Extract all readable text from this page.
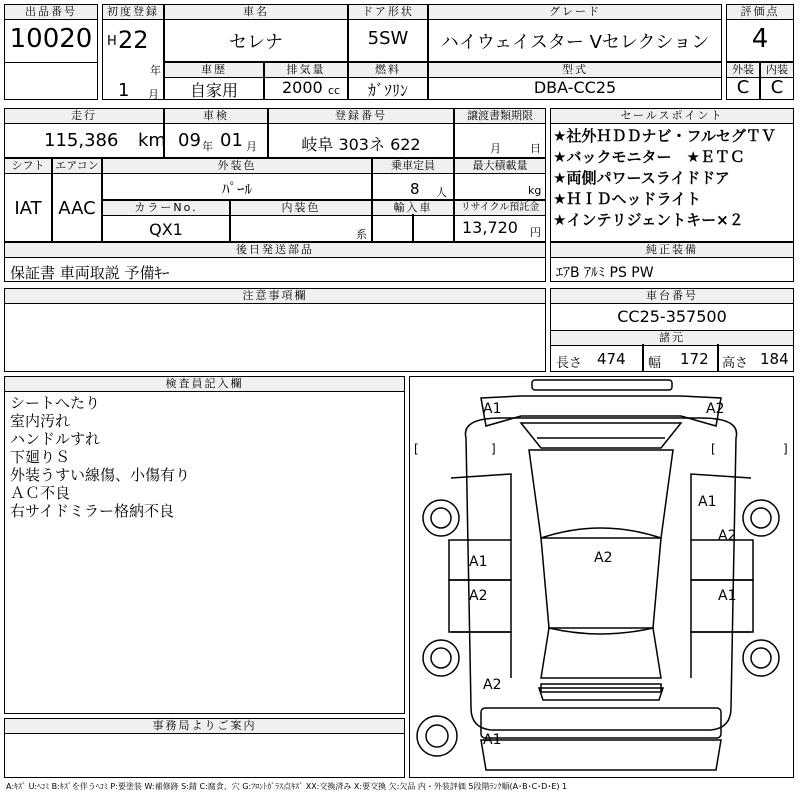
出品番号
10020
初度登録
H 22
年
1 月
車名
セレナ
ドア形状
5SW
グレード
ハイウェイスター Vセレクション
評価点
4
車歴
自家用
排気量
2000 cc
燃料
ｶﾞｿﾘﾝ
型式
DBA-CC25
外装
C
内装
C
走行
115,386 km
車検
09 年 01 月
登録番号
岐阜 303ネ 622
譲渡書類期限
月	日
セールスポイント
★社外ＨＤＤナビ・フルセグＴＶ
★バックモニター　★ＥＴＣ
★両側パワースライドドア
★ＨＩＤヘッドライト
★インテリジェントキー×２
シフト
IAT
エアコン
AAC
外装色
ﾊﾟｰﾙ
乗車定員
8 人
最大積載量
kg
カラーNo.
QX1
内装色
系
輸入車	リサイクル預託金
13,720 円
後日発送部品
保証書 車両取説 予備ｷｰ
純正装備
ｴｱB ｱﾙﾐ PS PW
注意事項欄	車台番号
CC25-357500
諸元
長さ 474 幅 172 高さ 184
検査員記入欄
シートへたり
室内汚れ
ハンドルすれ
下廻りＳ
外装うすい線傷、小傷有り
ＡＣ不良
右サイドミラー格納不良
事務局よりご案内
A1	A2
A1
A2
A1	A2
A2	A1
A2
A1
[	]	[	]
A:ｷｽﾞ U:ﾍｺﾐ B:ｷｽﾞを伴うﾍｺﾐ P:要塗装 W:補修跡 S:錆 C:腐食、穴 G:ﾌﾛﾝﾄｶﾞﾗｽ点ｷｽﾞ XX:交換済み X:要交換 欠:欠品 内・外装評価 5段階ﾗﾝｸ順(A･B･C･D･E) 1
